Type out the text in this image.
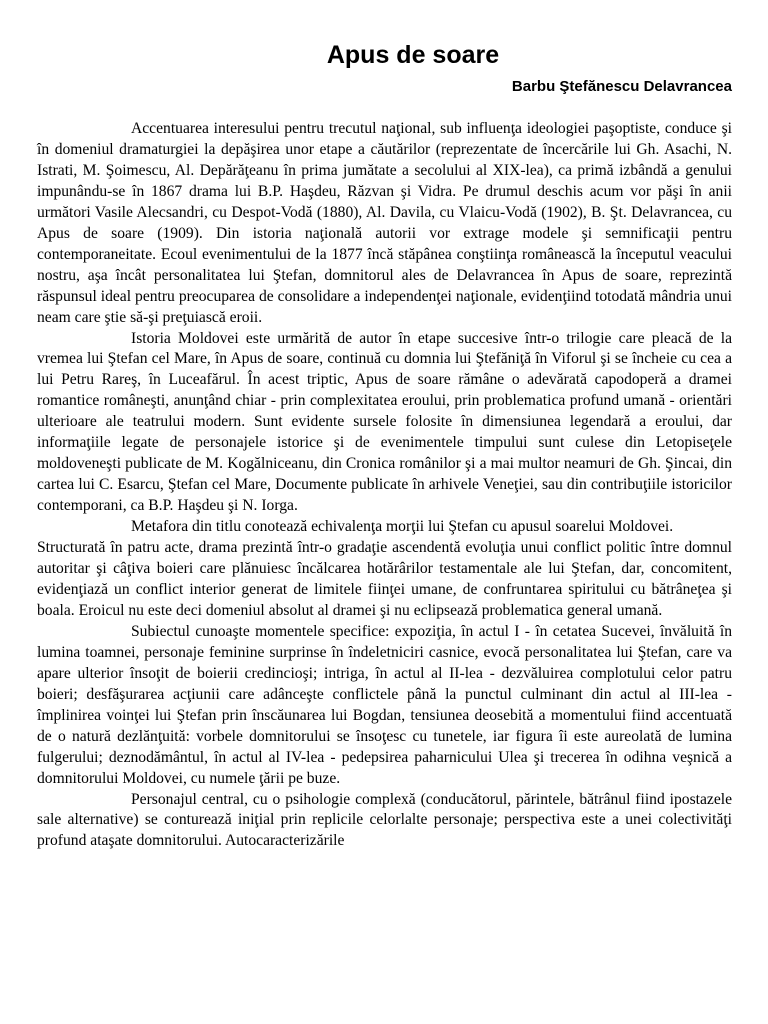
Apus de soare
Barbu Ştefănescu Delavrancea

Accentuarea interesului pentru trecutul naţional, sub influenţa ideologiei paşoptiste, conduce şi în domeniul dramaturgiei la depăşirea unor etape a căutărilor (reprezentate de încercările lui Gh. Asachi, N. Istrati, M. Şoimescu, Al. Depărăţeanu în prima jumătate a secolului al XIX-lea), ca primă izbândă a genului impunându-se în 1867 drama lui B.P. Haşdeu, Răzvan şi Vidra. Pe drumul deschis acum vor păşi în anii următori Vasile Alecsandri, cu Despot-Vodă (1880), Al. Davila, cu Vlaicu-Vodă (1902), B. Şt. Delavrancea, cu Apus de soare (1909). Din istoria naţională autorii vor extrage modele şi semnificaţii pentru contemporaneitate. Ecoul evenimentului de la 1877 încă stăpânea conştiinţa românească la începutul veacului nostru, aşa încât personalitatea lui Ştefan, domnitorul ales de Delavrancea în Apus de soare, reprezintă răspunsul ideal pentru preocuparea de consolidare a independenţei naţionale, evidenţiind totodată mândria unui neam care ştie să-şi preţuiască eroii.

Istoria Moldovei este urmărită de autor în etape succesive într-o trilogie care pleacă de la vremea lui Ştefan cel Mare, în Apus de soare, continuă cu domnia lui Ştefăniţă în Viforul şi se încheie cu cea a lui Petru Rareş, în Luceafărul. În acest triptic, Apus de soare rămâne o adevărată capodoperă a dramei romantice româneşti, anunţând chiar - prin complexitatea eroului, prin problematica profund umană - orientări ulterioare ale teatrului modern. Sunt evidente sursele folosite în dimensiunea legendară a eroului, dar informaţiile legate de personajele istorice şi de evenimentele timpului sunt culese din Letopiseţele moldoveneşti publicate de M. Kogălniceanu, din Cronica românilor şi a mai multor neamuri de Gh. Şincai, din cartea lui C. Esarcu, Ştefan cel Mare, Documente publicate în arhivele Veneţiei, sau din contribuţiile istoricilor contemporani, ca B.P. Haşdeu şi N. Iorga.

Metafora din titlu conotează echivalenţa morţii lui Ştefan cu apusul soarelui Moldovei.

Structurată în patru acte, drama prezintă într-o gradaţie ascendentă evoluţia unui conflict politic între domnul autoritar şi câţiva boieri care plănuiesc încălcarea hotărârilor testamentale ale lui Ştefan, dar, concomitent, evidenţiază un conflict interior generat de limitele fiinţei umane, de confruntarea spiritului cu bătrâneţea şi boala. Eroicul nu este deci domeniul absolut al dramei şi nu eclipsează problematica general umană.

Subiectul cunoaşte momentele specifice: expoziţia, în actul I - în cetatea Sucevei, învăluită în lumina toamnei, personaje feminine surprinse în îndeletniciri casnice, evocă personalitatea lui Ştefan, care va apare ulterior însoţit de boierii credincioşi; intriga, în actul al II-lea - dezvăluirea complotului celor patru boieri; desfăşurarea acţiunii care adânceşte conflictele până la punctul culminant din actul al III-lea - împlinirea voinţei lui Ştefan prin înscăunarea lui Bogdan, tensiunea deosebită a momentului fiind accentuată de o natură dezlănţuită: vorbele domnitorului se însoţesc cu tunetele, iar figura îi este aureolată de lumina fulgerului; deznodământul, în actul al IV-lea - pedepsirea paharnicului Ulea şi trecerea în odihna veşnică a domnitorului Moldovei, cu numele ţării pe buze.

Personajul central, cu o psihologie complexă (conducătorul, părintele, bătrânul fiind ipostazele sale alternative) se conturează iniţial prin replicile celorlalte personaje; perspectiva este a unei colectivităţi profund ataşate domnitorului. Autocaracterizările
